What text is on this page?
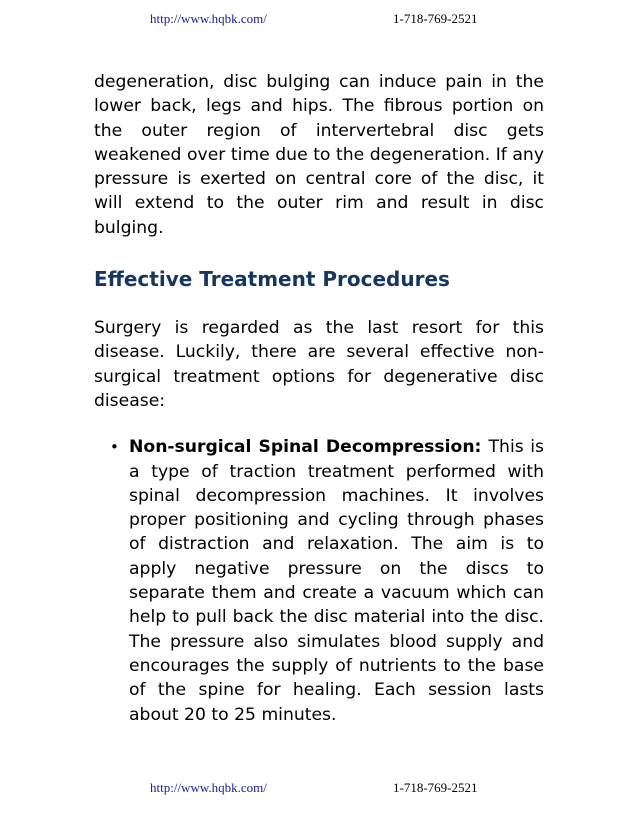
http://www.hqbk.com/	1-718-769-2521

degeneration, disc bulging can induce pain in the lower back, legs and hips. The fibrous portion on the outer region of intervertebral disc gets weakened over time due to the degeneration. If any pressure is exerted on central core of the disc, it will extend to the outer rim and result in disc bulging.

Effective Treatment Procedures

Surgery is regarded as the last resort for this disease. Luckily, there are several effective non-surgical treatment options for degenerative disc disease:

• Non-surgical Spinal Decompression: This is a type of traction treatment performed with spinal decompression machines. It involves proper positioning and cycling through phases of distraction and relaxation. The aim is to apply negative pressure on the discs to separate them and create a vacuum which can help to pull back the disc material into the disc. The pressure also simulates blood supply and encourages the supply of nutrients to the base of the spine for healing. Each session lasts about 20 to 25 minutes.
http://www.hqbk.com/	1-718-769-2521
